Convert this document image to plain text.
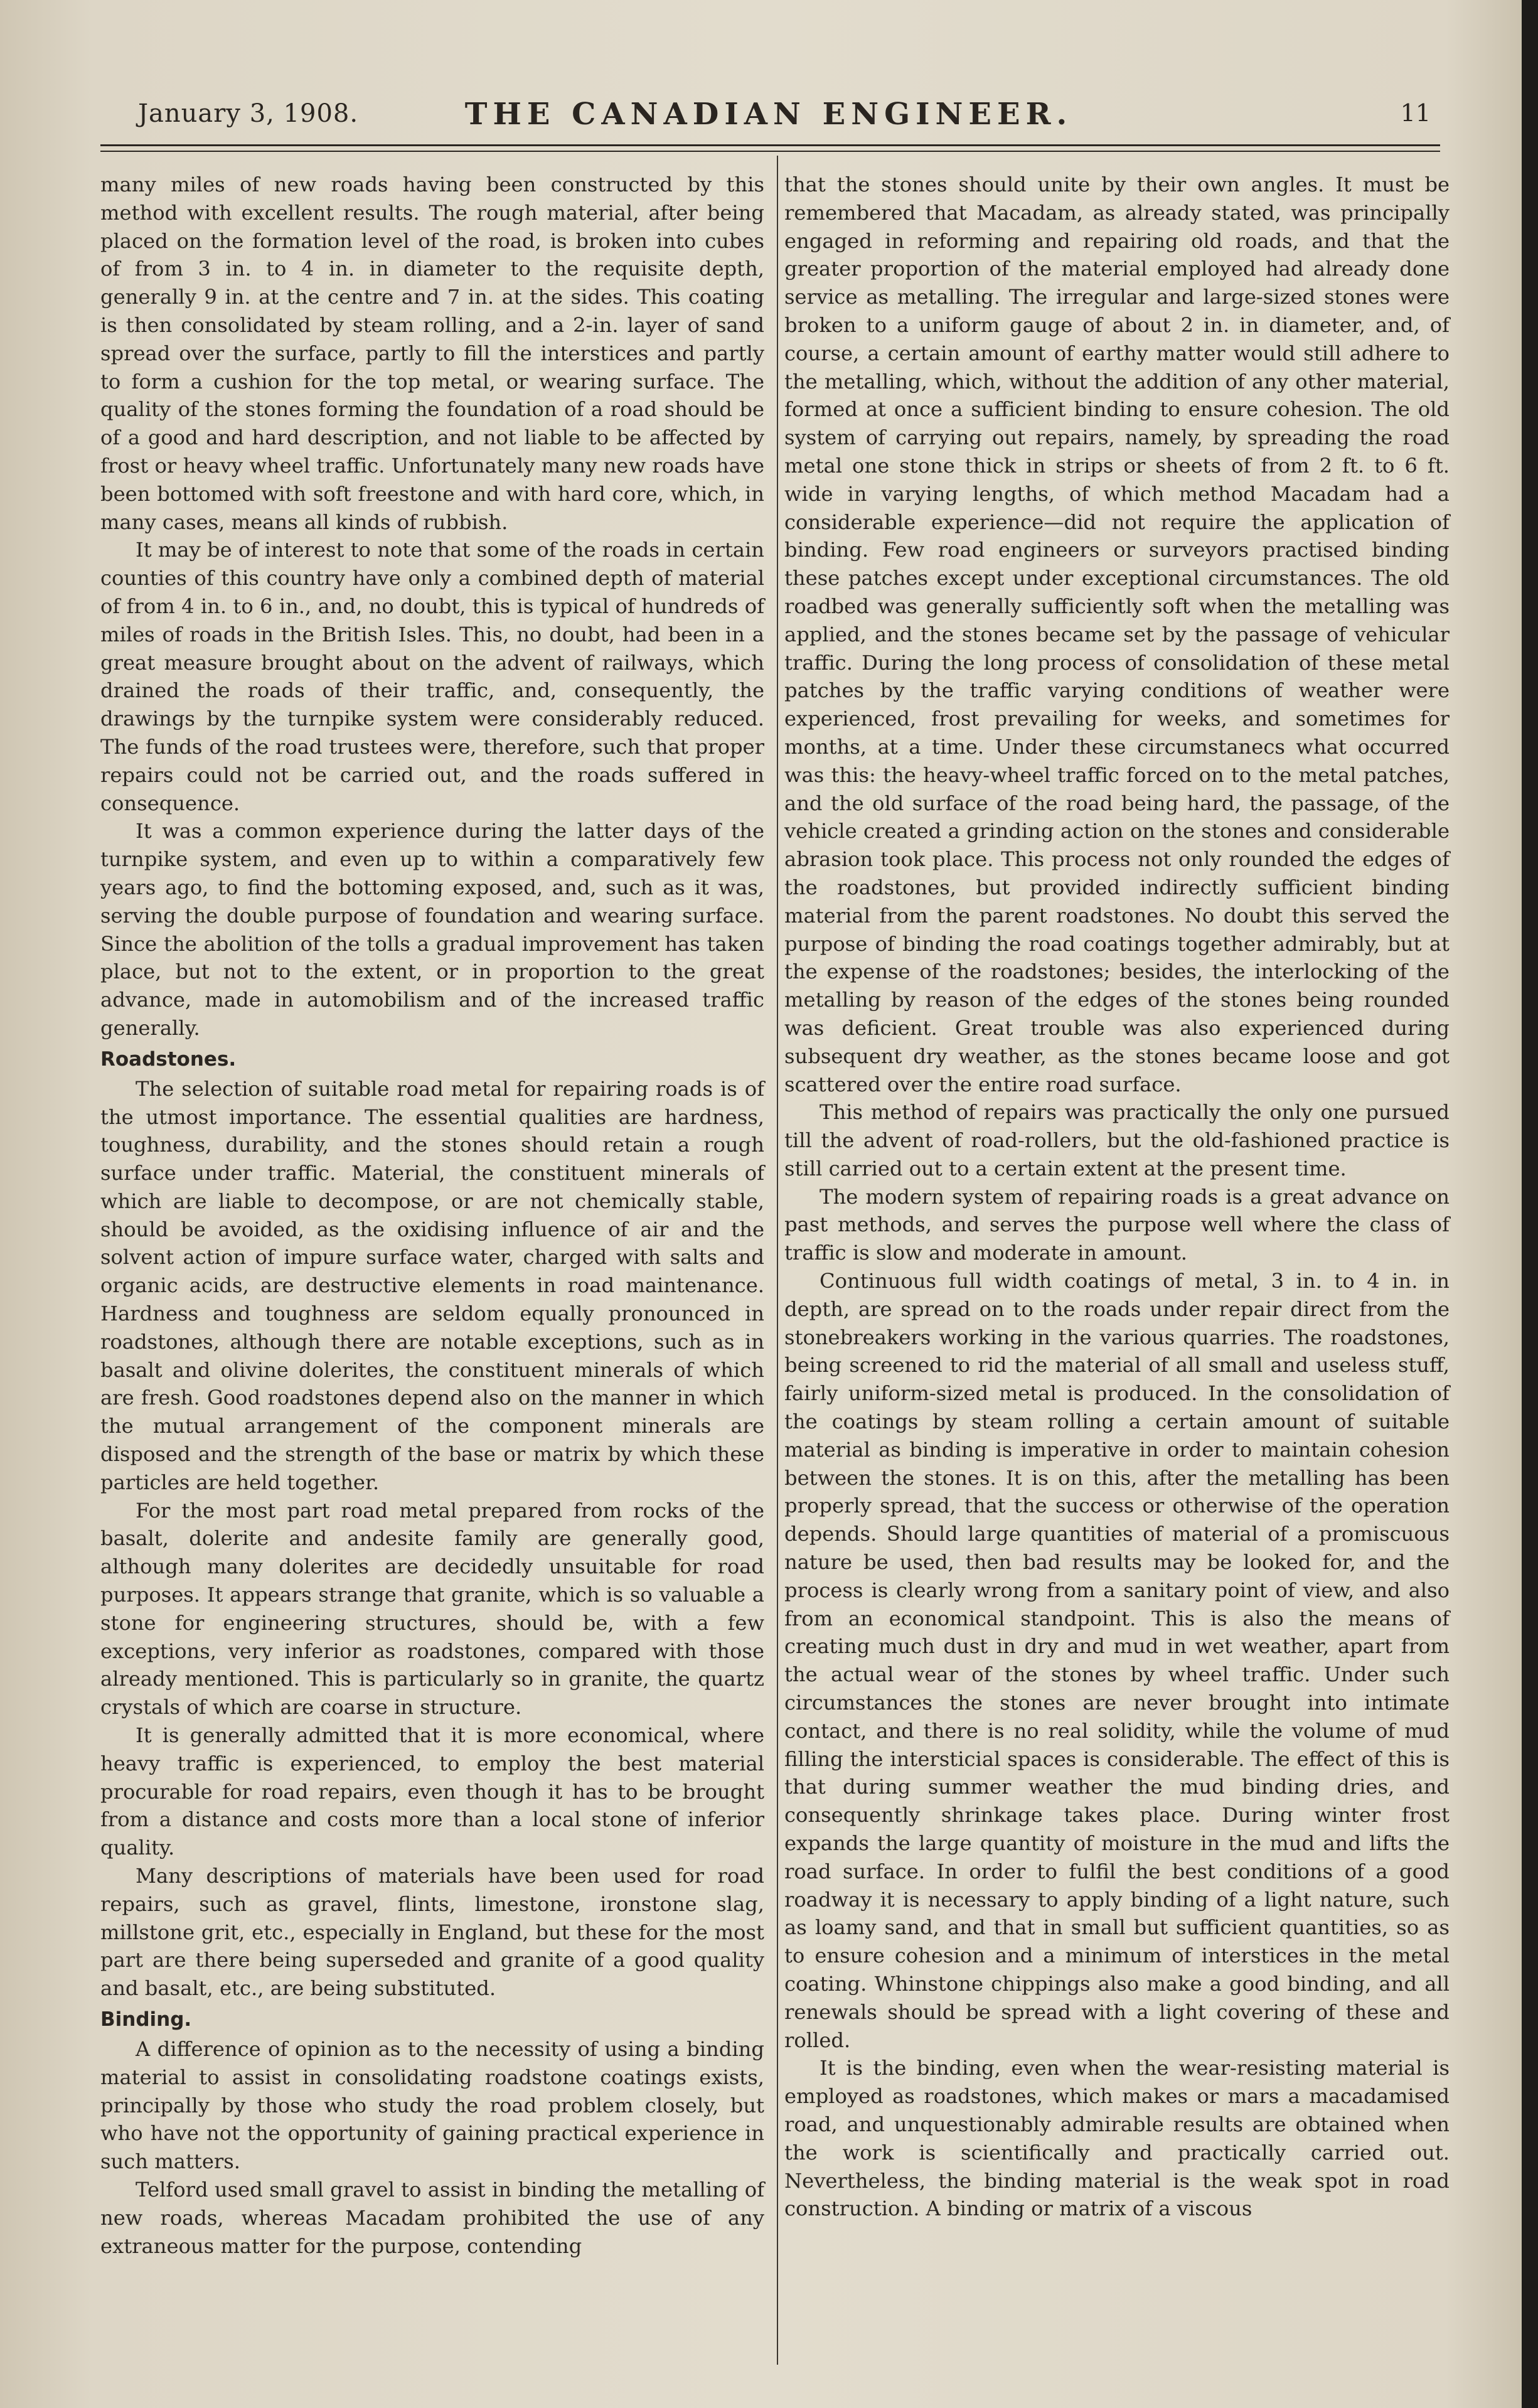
January 3, 1908.	THE CANADIAN ENGINEER.	11

many miles of new roads having been constructed by this method with excellent results. The rough material, after being placed on the formation level of the road, is broken into cubes of from 3 in. to 4 in. in diameter to the requisite depth, generally 9 in. at the centre and 7 in. at the sides. This coating is then consolidated by steam rolling, and a 2-in. layer of sand spread over the surface, partly to fill the interstices and partly to form a cushion for the top metal, or wearing surface. The quality of the stones forming the foundation of a road should be of a good and hard description, and not liable to be affected by frost or heavy wheel traffic. Unfortunately many new roads have been bottomed with soft freestone and with hard core, which, in many cases, means all kinds of rubbish.

It may be of interest to note that some of the roads in certain counties of this country have only a combined depth of material of from 4 in. to 6 in., and, no doubt, this is typical of hundreds of miles of roads in the British Isles. This, no doubt, had been in a great measure brought about on the advent of railways, which drained the roads of their traffic, and, consequently, the drawings by the turnpike system were considerably reduced. The funds of the road trustees were, therefore, such that proper repairs could not be carried out, and the roads suffered in consequence.

It was a common experience during the latter days of the turnpike system, and even up to within a comparatively few years ago, to find the bottoming exposed, and, such as it was, serving the double purpose of foundation and wearing surface. Since the abolition of the tolls a gradual improvement has taken place, but not to the extent, or in proportion to the great advance, made in automobilism and of the increased traffic generally.

Roadstones.

The selection of suitable road metal for repairing roads is of the utmost importance. The essential qualities are hardness, toughness, durability, and the stones should retain a rough surface under traffic. Material, the constituent minerals of which are liable to decompose, or are not chemically stable, should be avoided, as the oxidising influence of air and the solvent action of impure surface water, charged with salts and organic acids, are destructive elements in road maintenance. Hardness and toughness are seldom equally pronounced in roadstones, although there are notable exceptions, such as in basalt and olivine dolerites, the constituent minerals of which are fresh. Good roadstones depend also on the manner in which the mutual arrangement of the component minerals are disposed and the strength of the base or matrix by which these particles are held together.

For the most part road metal prepared from rocks of the basalt, dolerite and andesite family are generally good, although many dolerites are decidedly unsuitable for road purposes. It appears strange that granite, which is so valuable a stone for engineering structures, should be, with a few exceptions, very inferior as roadstones, compared with those already mentioned. This is particularly so in granite, the quartz crystals of which are coarse in structure.

It is generally admitted that it is more economical, where heavy traffic is experienced, to employ the best material procurable for road repairs, even though it has to be brought from a distance and costs more than a local stone of inferior quality.

Many descriptions of materials have been used for road repairs, such as gravel, flints, limestone, ironstone slag, millstone grit, etc., especially in England, but these for the most part are there being superseded and granite of a good quality and basalt, etc., are being substituted.

Binding.

A difference of opinion as to the necessity of using a binding material to assist in consolidating roadstone coatings exists, principally by those who study the road problem closely, but who have not the opportunity of gaining practical experience in such matters.

Telford used small gravel to assist in binding the metalling of new roads, whereas Macadam prohibited the use of any extraneous matter for the purpose, contending

that the stones should unite by their own angles. It must be remembered that Macadam, as already stated, was principally engaged in reforming and repairing old roads, and that the greater proportion of the material employed had already done service as metalling. The irregular and large-sized stones were broken to a uniform gauge of about 2 in. in diameter, and, of course, a certain amount of earthy matter would still adhere to the metalling, which, without the addition of any other material, formed at once a sufficient binding to ensure cohesion. The old system of carrying out repairs, namely, by spreading the road metal one stone thick in strips or sheets of from 2 ft. to 6 ft. wide in varying lengths, of which method Macadam had a considerable experience—did not require the application of binding. Few road engineers or surveyors practised binding these patches except under exceptional circumstances. The old roadbed was generally sufficiently soft when the metalling was applied, and the stones became set by the passage of vehicular traffic. During the long process of consolidation of these metal patches by the traffic varying conditions of weather were experienced, frost prevailing for weeks, and sometimes for months, at a time. Under these circumstanecs what occurred was this: the heavy-wheel traffic forced on to the metal patches, and the old surface of the road being hard, the passage, of the vehicle created a grinding action on the stones and considerable abrasion took place. This process not only rounded the edges of the roadstones, but provided indirectly sufficient binding material from the parent roadstones. No doubt this served the purpose of binding the road coatings together admirably, but at the expense of the roadstones; besides, the interlocking of the metalling by reason of the edges of the stones being rounded was deficient. Great trouble was also experienced during subsequent dry weather, as the stones became loose and got scattered over the entire road surface.

This method of repairs was practically the only one pursued till the advent of road-rollers, but the old-fashioned practice is still carried out to a certain extent at the present time.

The modern system of repairing roads is a great advance on past methods, and serves the purpose well where the class of traffic is slow and moderate in amount.

Continuous full width coatings of metal, 3 in. to 4 in. in depth, are spread on to the roads under repair direct from the stonebreakers working in the various quarries. The roadstones, being screened to rid the material of all small and useless stuff, fairly uniform-sized metal is produced. In the consolidation of the coatings by steam rolling a certain amount of suitable material as binding is imperative in order to maintain cohesion between the stones. It is on this, after the metalling has been properly spread, that the success or otherwise of the operation depends. Should large quantities of material of a promiscuous nature be used, then bad results may be looked for, and the process is clearly wrong from a sanitary point of view, and also from an economical standpoint. This is also the means of creating much dust in dry and mud in wet weather, apart from the actual wear of the stones by wheel traffic. Under such circumstances the stones are never brought into intimate contact, and there is no real solidity, while the volume of mud filling the intersticial spaces is considerable. The effect of this is that during summer weather the mud binding dries, and consequently shrinkage takes place. During winter frost expands the large quantity of moisture in the mud and lifts the road surface. In order to fulfil the best conditions of a good roadway it is necessary to apply binding of a light nature, such as loamy sand, and that in small but sufficient quantities, so as to ensure cohesion and a minimum of interstices in the metal coating. Whinstone chippings also make a good binding, and all renewals should be spread with a light covering of these and rolled.

It is the binding, even when the wear-resisting material is employed as roadstones, which makes or mars a macadamised road, and unquestionably admirable results are obtained when the work is scientifically and practically carried out. Nevertheless, the binding material is the weak spot in road construction. A binding or matrix of a viscous
